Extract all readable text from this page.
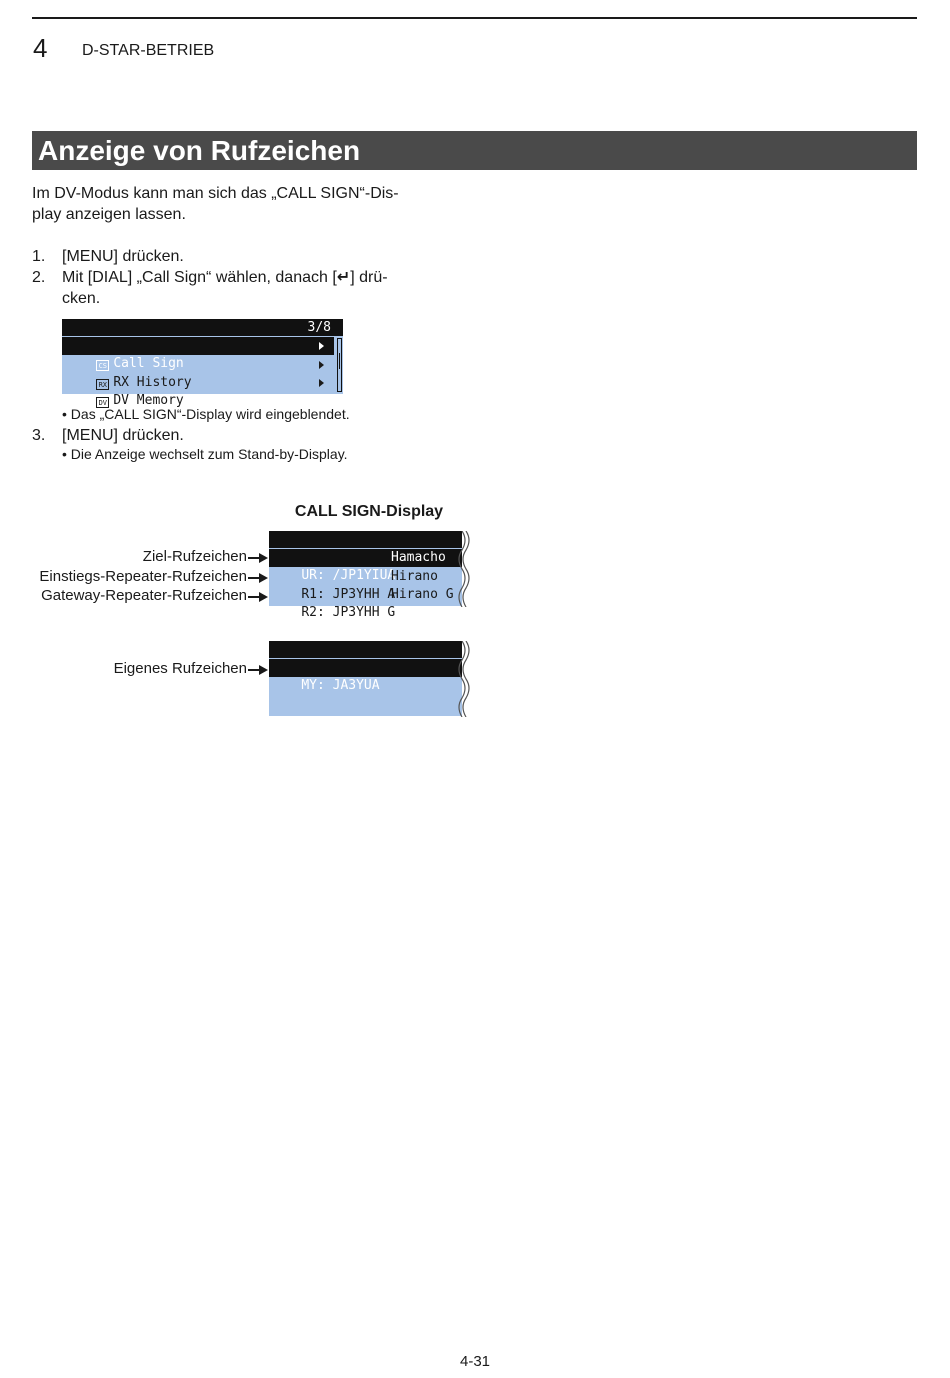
4 D-STAR-BETRIEB
Anzeige von Rufzeichen
Im DV-Modus kann man sich das „CALL SIGN“-Dis-
play anzeigen lassen.
1. [MENU] drücken.
2. Mit [DIAL] „Call Sign“ wählen, danach [↵] drü-
cken.

3/8

CS Call Sign

RX RX History

DV DV Memory

• Das „CALL SIGN“-Display wird eingeblendet.
3. [MENU] drücken.
• Die Anzeige wechselt zum Stand-by-Display.
CALL SIGN-Display

UR: /JP1YIUA

Hamacho

R1: JP3YHH A

Hirano

R2: JP3YHH G

Hirano G

Ziel-Rufzeichen
Einstiegs-Repeater-Rufzeichen
Gateway-Repeater-Rufzeichen

MY: JA3YUA

Eigenes Rufzeichen
4-31
